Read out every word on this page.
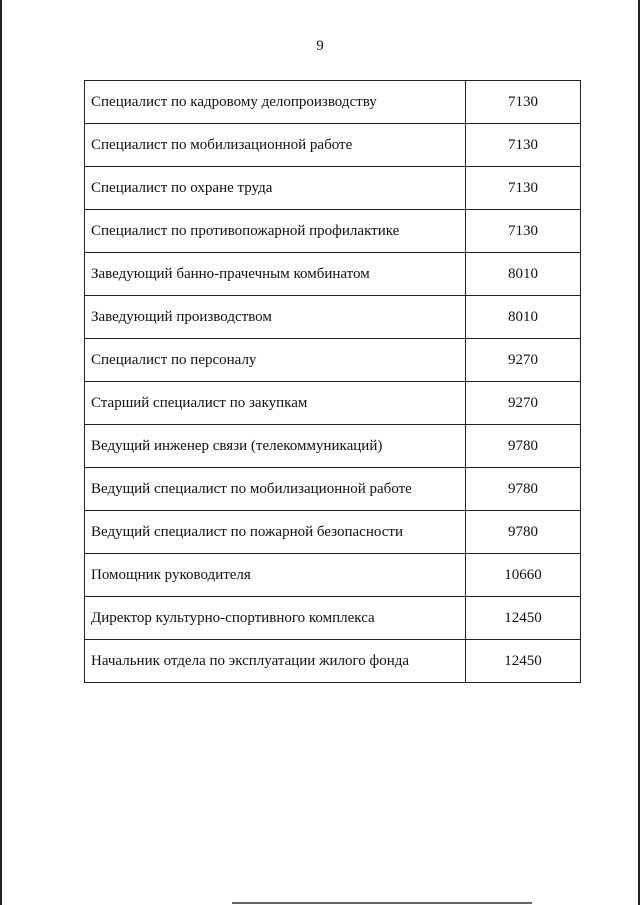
9
Специалист по кадровому делопроизводству	7130
Специалист по мобилизационной работе	7130
Специалист по охране труда	7130
Специалист по противопожарной профилактике	7130
Заведующий банно-прачечным комбинатом	8010
Заведующий производством	8010
Специалист по персоналу	9270
Старший специалист по закупкам	9270
Ведущий инженер связи (телекоммуникаций)	9780
Ведущий специалист по мобилизационной работе	9780
Ведущий специалист по пожарной безопасности	9780
Помощник руководителя	10660
Директор культурно-спортивного комплекса	12450
Начальник отдела по эксплуатации жилого фонда	12450
